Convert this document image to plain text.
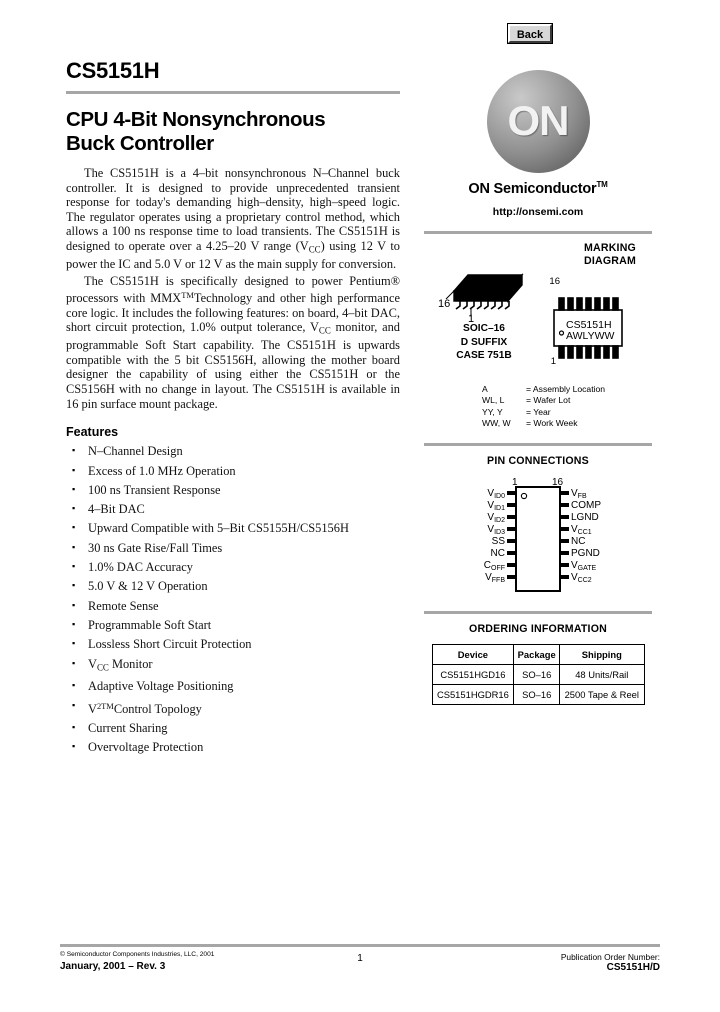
Back
CS5151H
CPU 4-Bit Nonsynchronous
Buck Controller

The CS5151H is a 4–bit nonsynchronous N–Channel buck controller. It is designed to provide unprecedented transient response for today's demanding high–density, high–speed logic. The regulator operates using a proprietary control method, which allows a 100 ns response time to load transients. The CS5151H is designed to operate over a 4.25–20 V range $(V_{CC})$ using 12 V to power the IC and 5.0 V or 12 V as the main supply for conversion.

The CS5151H is specifically designed to power Pentium® processors with MMX™Technology and other high performance core logic. It includes the following features: on board, 4–bit DAC, short circuit protection, 1.0% output tolerance, $V_{CC}$ monitor, and programmable Soft Start capability. The CS5151H is upwards compatible with the 5 bit CS5156H, allowing the mother board designer the capability of using either the CS5151H or the CS5156H with no change in layout. The CS5151H is available in 16 pin surface mount package.

Features
▪ N–Channel Design
▪ Excess of 1.0 MHz Operation
▪ 100 ns Transient Response
▪ 4–Bit DAC
▪ Upward Compatible with 5–Bit CS5155H/CS5156H
▪ 30 ns Gate Rise/Fall Times
▪ 1.0% DAC Accuracy
▪ 5.0 V & 12 V Operation
▪ Remote Sense
▪ Programmable Soft Start
▪ Lossless Short Circuit Protection
▪ $V_{CC}$ Monitor
▪ Adaptive Voltage Positioning
▪ $V^{2TM}Control$ Topology
▪ Current Sharing
▪ Overvoltage Protection
ON
ON Semiconductor™
http://onsemi.com
MARKING
DIAGRAM
16
1
SOIC–16
D SUFFIX
CASE 751B
CS5151H
AWLYWW
16
1
A	= Assembly Location
WL, L	= Wafer Lot
YY, Y	= Year
WW, W = Work Week
PIN CONNECTIONS
1	16
$V_{ID0}$
$V_{ID1}$
$V_{ID2}$
$V_{ID3}$
SS
NC
$C_{OFF}$
$V_{FFB}$
$V_{FB}$
COMP
LGND
$V_{CC1}$
NC
PGND
$V_{GATE}$
$V_{CC2}$
ORDERING INFORMATION
Device	Package	Shipping
CS5151HGD16	SO–16	48 Units/Rail
CS5151HGDR16	SO–16	2500 Tape & Reel
© Semiconductor Components Industries, LLC, 2001
January, 2001 – Rev. 3
1	Publication Order Number:
CS5151H/D
